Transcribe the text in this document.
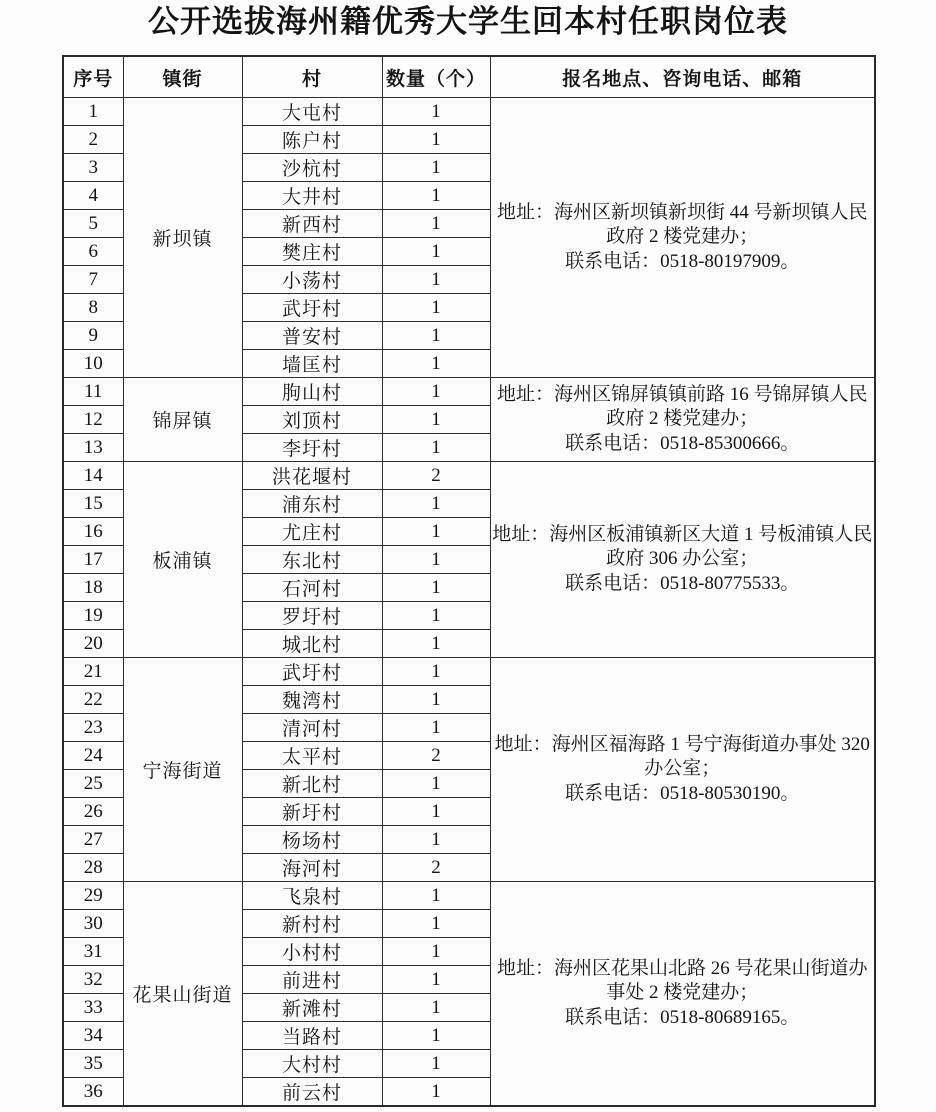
公开选拔海州籍优秀大学生回本村任职岗位表
序号	镇街	村	数量（个）	报名地点、咨询电话、邮箱
1	新坝镇	大屯村	1	地址：海州区新坝镇新坝街 44 号新坝镇人民政府 2 楼党建办；
联系电话：0518-80197909。

2		陈户村	1	
3		沙杭村	1	
4		大井村	1	
5		新西村	1	
6		樊庄村	1	
7		小荡村	1	
8		武圩村	1	
9		普安村	1	
10		墙匡村	1	
11	锦屏镇	朐山村	1	地址：海州区锦屏镇镇前路 16 号锦屏镇人民政府 2 楼党建办；
联系电话：0518-85300666。

12		刘顶村	1	
13		李圩村	1	
14	板浦镇	洪花堰村	2	地址：海州区板浦镇新区大道 1 号板浦镇人民政府 306 办公室；
联系电话：0518-80775533。

15		浦东村	1	
16		尤庄村	1	
17		东北村	1	
18		石河村	1	
19		罗圩村	1	
20		城北村	1	
21	宁海街道	武圩村	1	地址：海州区福海路 1 号宁海街道办事处 320 办公室；
联系电话：0518-80530190。

22		魏湾村	1	
23		清河村	1	
24		太平村	2	
25		新北村	1	
26		新圩村	1	
27		杨场村	1	
28		海河村	2	
29	花果山街道	飞泉村	1	地址：海州区花果山北路 26 号花果山街道办事处 2 楼党建办；
联系电话：0518-80689165。

30		新村村	1	
31		小村村	1	
32		前进村	1	
33		新滩村	1	
34		当路村	1	
35		大村村	1	
36		前云村	1	
